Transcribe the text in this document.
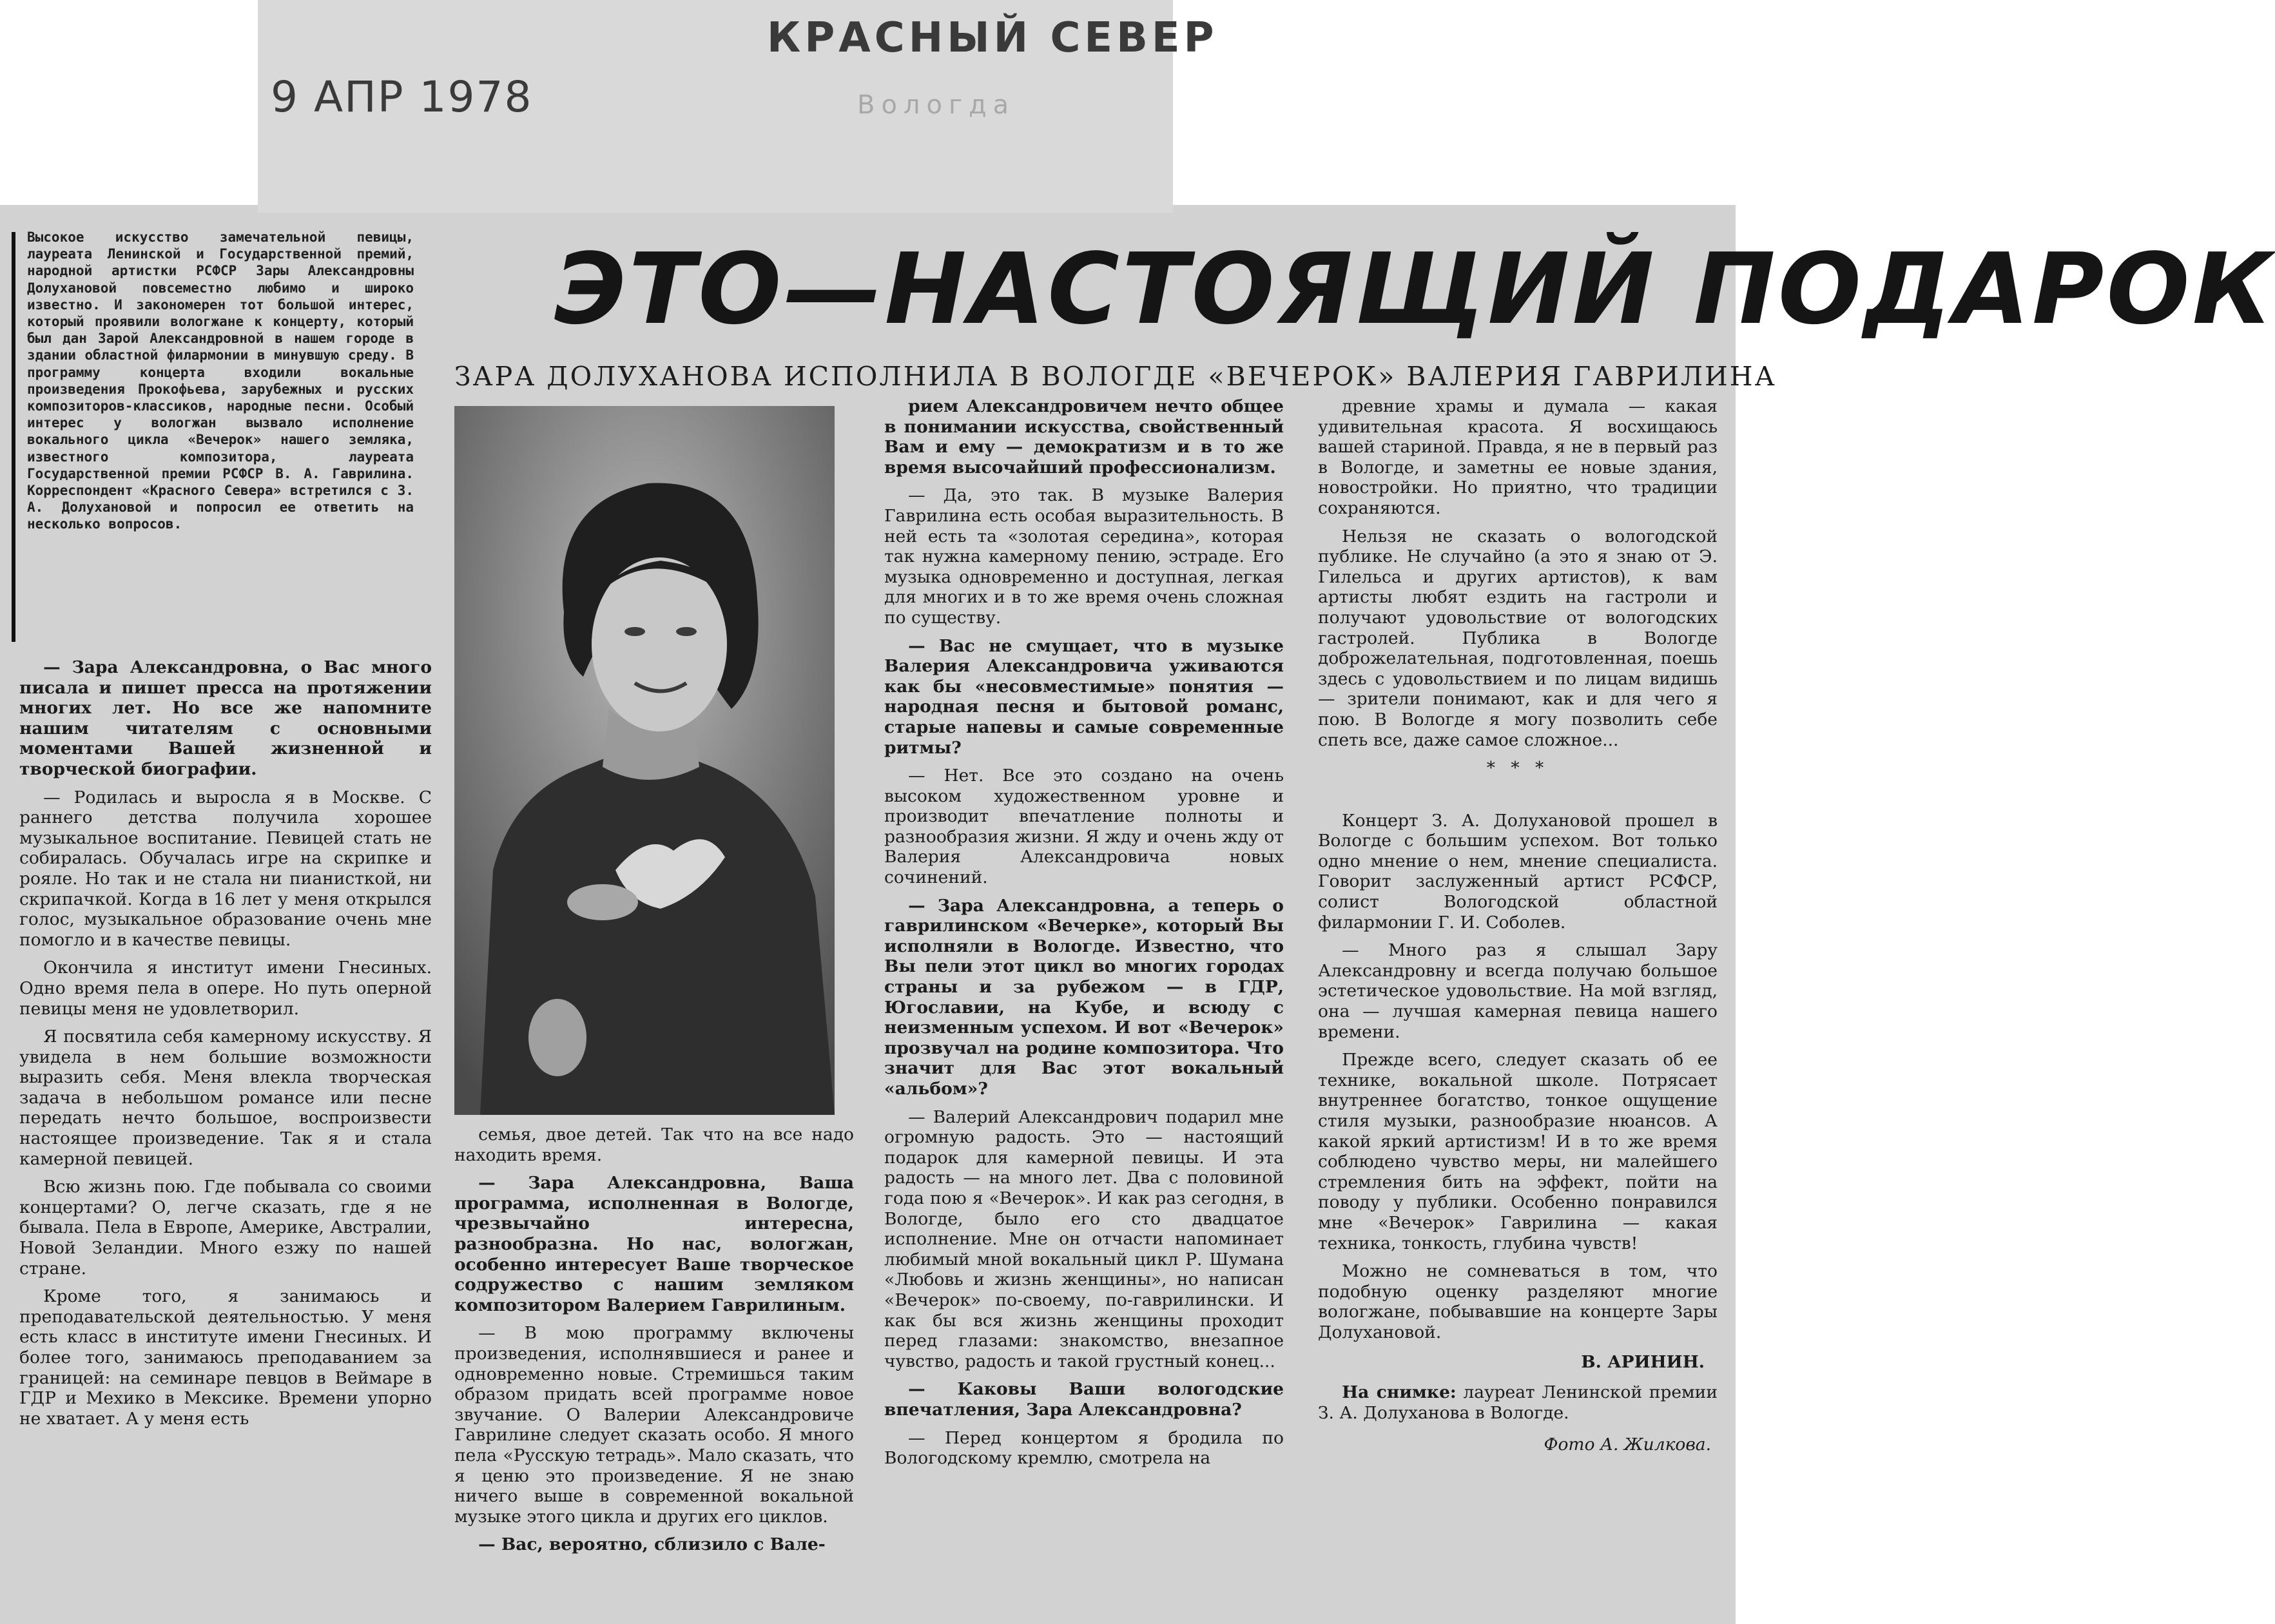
КРАСНЫЙ СЕВЕР
9 АПР 1978	Вологда
Высокое искусство замечательной певицы, лауреата Ленинской и Государственной премий, народной артистки РСФСР Зары Александровны Долухановой повсеместно любимо и широко известно. И закономерен тот большой интерес, который проявили вологжане к концерту, который был дан Зарой Александровной в нашем городе в здании областной филармонии в минувшую среду. В программу концерта входили вокальные произведения Прокофьева, зарубежных и русских композиторов-классиков, народные песни. Особый интерес у вологжан вызвало исполнение вокального цикла «Вечерок» нашего земляка, известного композитора, лауреата Государственной премии РСФСР В. А. Гаврилина. Корреспондент «Красного Севера» встретился с З. А. Долухановой и попросил ее ответить на несколько вопросов.
ЭТО—НАСТОЯЩИЙ ПОДАРОК
ЗАРА ДОЛУХАНОВА ИСПОЛНИЛА В ВОЛОГДЕ «ВЕЧЕРОК» ВАЛЕРИЯ ГАВРИЛИНА

— Зара Александровна, о Вас много писала и пишет пресса на протяжении многих лет. Но все же напомните нашим читателям с основными моментами Вашей жизненной и творческой биографии.

— Родилась и выросла я в Москве. С раннего детства получила хорошее музыкальное воспитание. Певицей стать не собиралась. Обучалась игре на скрипке и рояле. Но так и не стала ни пианисткой, ни скрипачкой. Когда в 16 лет у меня открылся голос, музыкальное образование очень мне помогло и в качестве певицы.

Окончила я институт имени Гнесиных. Одно время пела в опере. Но путь оперной певицы меня не удовлетворил.

Я посвятила себя камерному искусству. Я увидела в нем большие возможности выразить себя. Меня влекла творческая задача в небольшом романсе или песне передать нечто большое, воспроизвести настоящее произведение. Так я и стала камерной певицей.

Всю жизнь пою. Где побывала со своими концертами? О, легче сказать, где я не бывала. Пела в Европе, Америке, Австралии, Новой Зеландии. Много езжу по нашей стране.

Кроме того, я занимаюсь и преподавательской деятельностью. У меня есть класс в институте имени Гнесиных. И более того, занимаюсь преподаванием за границей: на семинаре певцов в Веймаре в ГДР и Мехико в Мексике. Времени упорно не хватает. А у меня есть

семья, двое детей. Так что на все надо находить время.

— Зара Александровна, Ваша программа, исполненная в Вологде, чрезвычайно интересна, разнообразна. Но нас, вологжан, особенно интересует Ваше творческое содружество с нашим земляком композитором Валерием Гаврилиным.

— В мою программу включены произведения, исполнявшиеся и ранее и одновременно новые. Стремишься таким образом придать всей программе новое звучание. О Валерии Александровиче Гаврилине следует сказать особо. Я много пела «Русскую тетрадь». Мало сказать, что я ценю это произведение. Я не знаю ничего выше в современной вокальной музыке этого цикла и других его циклов.

— Вас, вероятно, сблизило с Вале-

рием Александровичем нечто общее в понимании искусства, свойственный Вам и ему — демократизм и в то же время высочайший профессионализм.

— Да, это так. В музыке Валерия Гаврилина есть особая выразительность. В ней есть та «золотая середина», которая так нужна камерному пению, эстраде. Его музыка одновременно и доступная, легкая для многих и в то же время очень сложная по существу.

— Вас не смущает, что в музыке Валерия Александровича уживаются как бы «несовместимые» понятия — народная песня и бытовой романс, старые напевы и самые современные ритмы?

— Нет. Все это создано на очень высоком художественном уровне и производит впечатление полноты и разнообразия жизни. Я жду и очень жду от Валерия Александровича новых сочинений.

— Зара Александровна, а теперь о гаврилинском «Вечерке», который Вы исполняли в Вологде. Известно, что Вы пели этот цикл во многих городах страны и за рубежом — в ГДР, Югославии, на Кубе, и всюду с неизменным успехом. И вот «Вечерок» прозвучал на родине композитора. Что значит для Вас этот вокальный «альбом»?

— Валерий Александрович подарил мне огромную радость. Это — настоящий подарок для камерной певицы. И эта радость — на много лет. Два с половиной года пою я «Вечерок». И как раз сегодня, в Вологде, было его сто двадцатое исполнение. Мне он отчасти напоминает любимый мной вокальный цикл Р. Шумана «Любовь и жизнь женщины», но написан «Вечерок» по-своему, по-гаврилински. И как бы вся жизнь женщины проходит перед глазами: знакомство, внезапное чувство, радость и такой грустный конец...

— Каковы Ваши вологодские впечатления, Зара Александровна?

— Перед концертом я бродила по Вологодскому кремлю, смотрела на

древние храмы и думала — какая удивительная красота. Я восхищаюсь вашей стариной. Правда, я не в первый раз в Вологде, и заметны ее новые здания, новостройки. Но приятно, что традиции сохраняются.

Нельзя не сказать о вологодской публике. Не случайно (а это я знаю от Э. Гилельса и других артистов), к вам артисты любят ездить на гастроли и получают удовольствие от вологодских гастролей. Публика в Вологде доброжелательная, подготовленная, поешь здесь с удовольствием и по лицам видишь — зрители понимают, как и для чего я пою. В Вологде я могу позволить себе спеть все, даже самое сложное...

* * *

Концерт З. А. Долухановой прошел в Вологде с большим успехом. Вот только одно мнение о нем, мнение специалиста. Говорит заслуженный артист РСФСР, солист Вологодской областной филармонии Г. И. Соболев.

— Много раз я слышал Зару Александровну и всегда получаю большое эстетическое удовольствие. На мой взгляд, она — лучшая камерная певица нашего времени.

Прежде всего, следует сказать об ее технике, вокальной школе. Потрясает внутреннее богатство, тонкое ощущение стиля музыки, разнообразие нюансов. А какой яркий артистизм! И в то же время соблюдено чувство меры, ни малейшего стремления бить на эффект, пойти на поводу у публики. Особенно понравился мне «Вечерок» Гаврилина — какая техника, тонкость, глубина чувств!

Можно не сомневаться в том, что подобную оценку разделяют многие вологжане, побывавшие на концерте Зары Долухановой.

В. АРИНИН.

На снимке: лауреат Ленинской премии З. А. Долуханова в Вологде.

Фото А. Жилкова.
